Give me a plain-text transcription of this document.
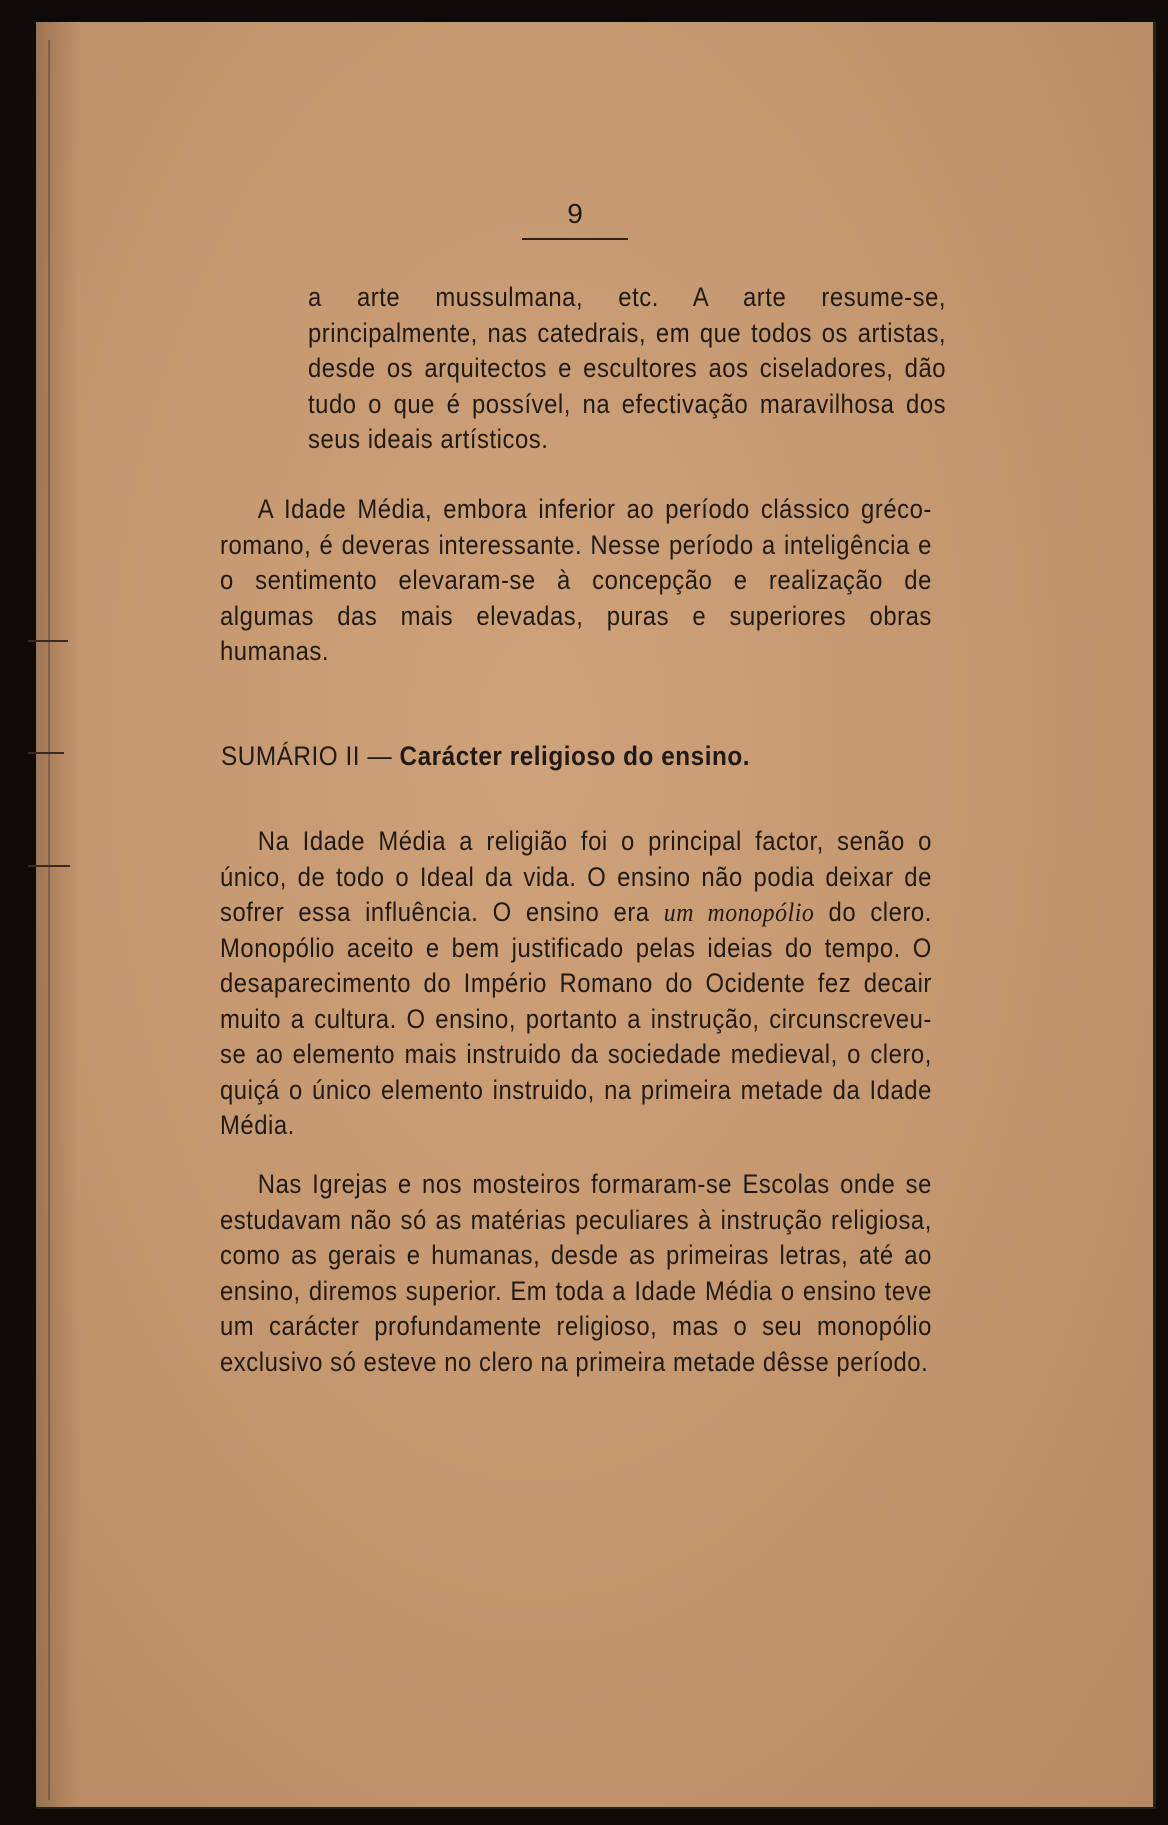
9
a arte mussulmana, etc. A arte resume-se, principalmente, nas catedrais, em que todos os artistas, desde os arquitectos e escultores aos ciseladores, dão tudo o que é possível, na efectivação maravilhosa dos seus ideais artísticos.
A Idade Média, embora inferior ao período clássico gréco-romano, é deveras interessante. Nesse período a inteligência e o sentimento elevaram-se à concepção e realização de algumas das mais elevadas, puras e superiores obras humanas.
SUMÁRIO II — Carácter religioso do ensino.
Na Idade Média a religião foi o principal factor, senão o único, de todo o Ideal da vida. O ensino não podia deixar de sofrer essa influência. O ensino era um monopólio do clero. Monopólio aceito e bem justificado pelas ideias do tempo. O desaparecimento do Império Romano do Ocidente fez decair muito a cultura. O ensino, portanto a instrução, circunscreveu-se ao elemento mais instruido da sociedade medieval, o clero, quiçá o único elemento instruido, na primeira metade da Idade Média.
Nas Igrejas e nos mosteiros formaram-se Escolas onde se estudavam não só as matérias peculiares à instrução religiosa, como as gerais e humanas, desde as primeiras letras, até ao ensino, diremos superior. Em toda a Idade Média o ensino teve um carácter profundamente religioso, mas o seu monopólio exclusivo só esteve no clero na primeira metade dêsse período.
